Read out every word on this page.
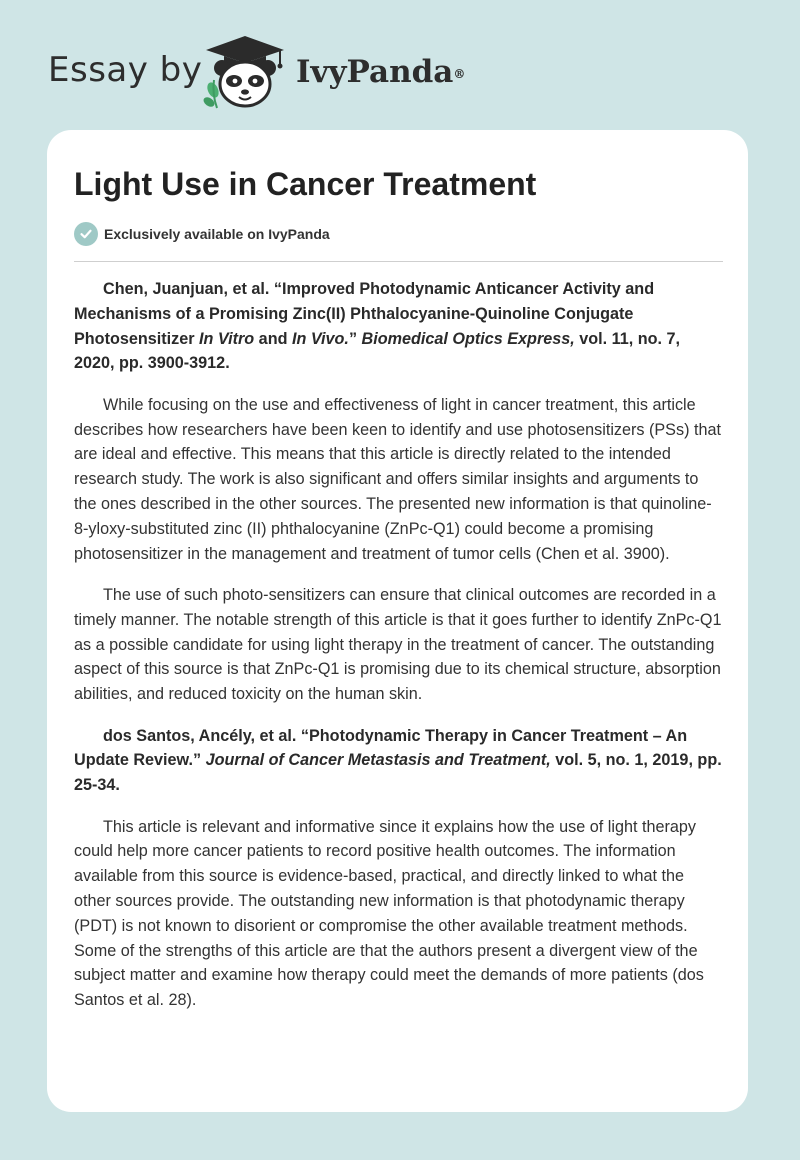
Essay by	IvyPanda®
Light Use in Cancer Treatment
Exclusively available on IvyPanda

Chen, Juanjuan, et al. “Improved Photodynamic Anticancer Activity and Mechanisms of a Promising Zinc(II) Phthalocyanine-Quinoline Conjugate Photosensitizer In Vitro and In Vivo.” Biomedical Optics Express, vol. 11, no. 7, 2020, pp. 3900-3912.

While focusing on the use and effectiveness of light in cancer treatment, this article describes how researchers have been keen to identify and use photosensitizers (PSs) that are ideal and effective. This means that this article is directly related to the intended research study. The work is also significant and offers similar insights and arguments to the ones described in the other sources. The presented new information is that quinoline-8-yloxy-substituted zinc (II) phthalocyanine (ZnPc-Q1) could become a promising photosensitizer in the management and treatment of tumor cells (Chen et al. 3900).

The use of such photo-sensitizers can ensure that clinical outcomes are recorded in a timely manner. The notable strength of this article is that it goes further to identify ZnPc-Q1 as a possible candidate for using light therapy in the treatment of cancer. The outstanding aspect of this source is that ZnPc-Q1 is promising due to its chemical structure, absorption abilities, and reduced toxicity on the human skin.

dos Santos, Ancély, et al. “Photodynamic Therapy in Cancer Treatment – An Update Review.” Journal of Cancer Metastasis and Treatment, vol. 5, no. 1, 2019, pp. 25-34.

This article is relevant and informative since it explains how the use of light therapy could help more cancer patients to record positive health outcomes. The information available from this source is evidence-based, practical, and directly linked to what the other sources provide. The outstanding new information is that photodynamic therapy (PDT) is not known to disorient or compromise the other available treatment methods. Some of the strengths of this article are that the authors present a divergent view of the subject matter and examine how therapy could meet the demands of more patients (dos Santos et al. 28).
